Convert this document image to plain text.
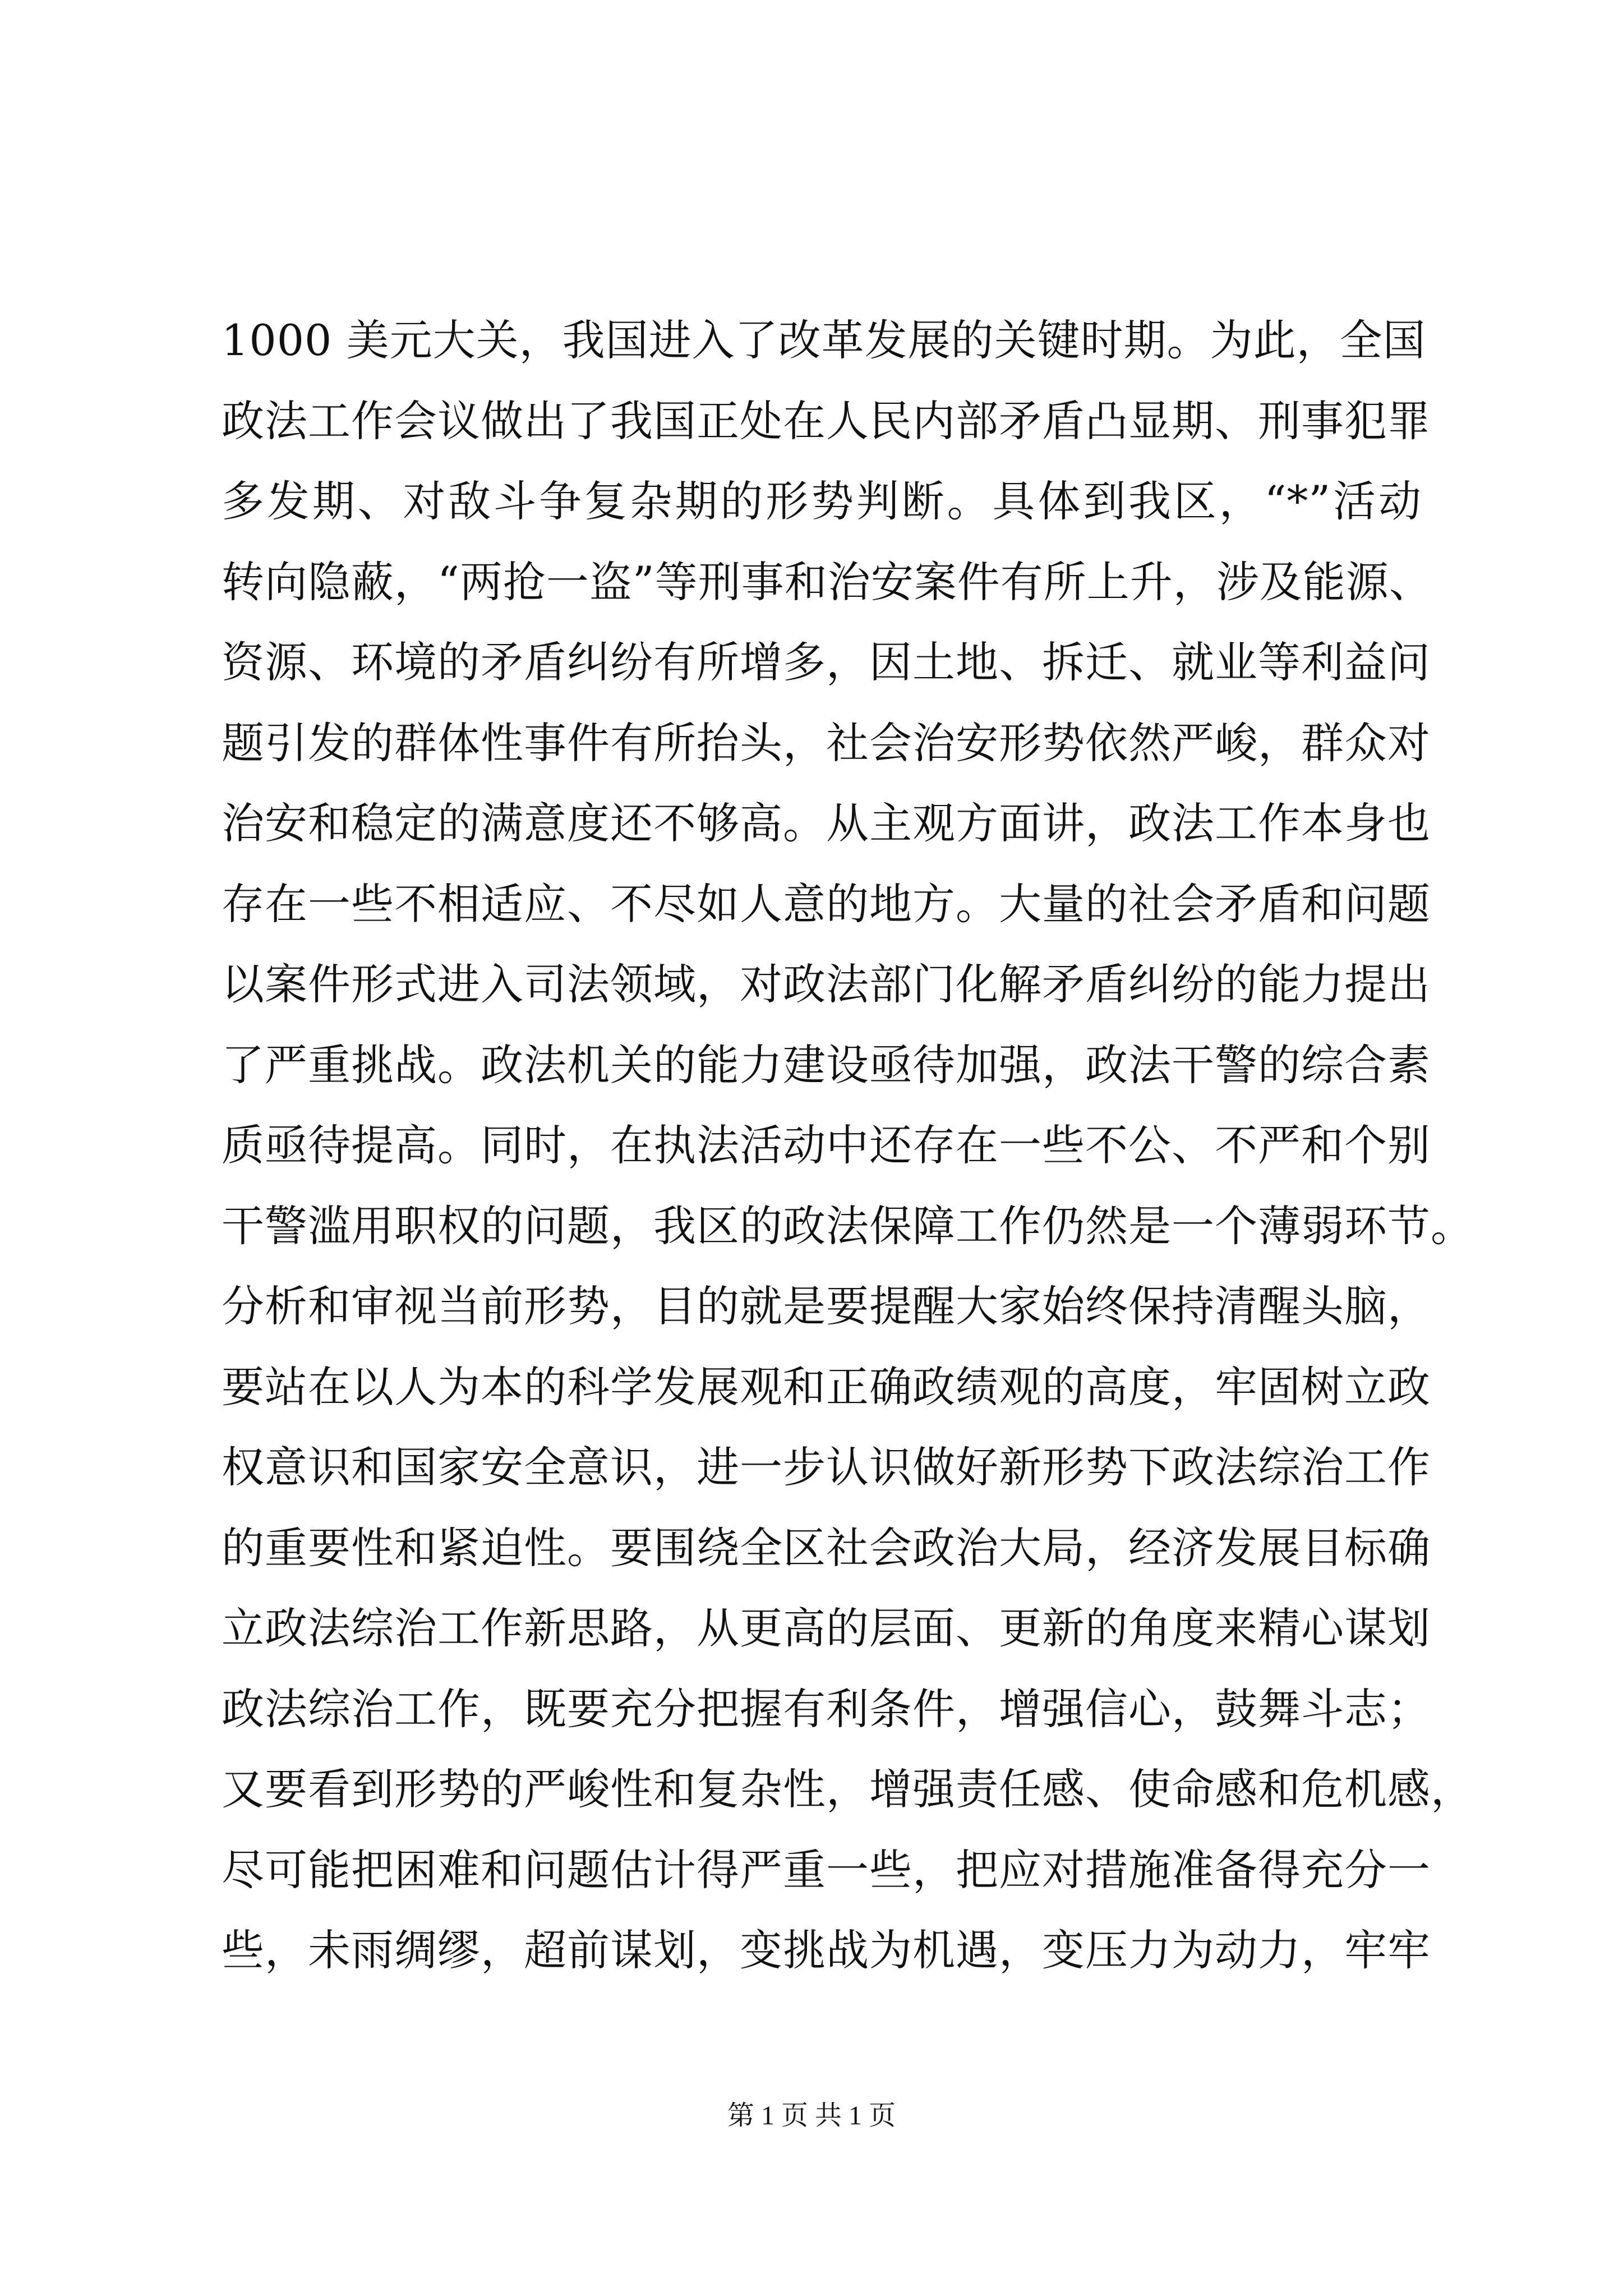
1000 美元大关，我国进入了改革发展的关键时期。为此，全国
政法工作会议做出了我国正处在人民内部矛盾凸显期、刑事犯罪
多发期、对敌斗争复杂期的形势判断。具体到我区，“*”活动
转向隐蔽，“两抢一盗”等刑事和治安案件有所上升，涉及能源、
资源、环境的矛盾纠纷有所增多，因土地、拆迁、就业等利益问
题引发的群体性事件有所抬头，社会治安形势依然严峻，群众对
治安和稳定的满意度还不够高。从主观方面讲，政法工作本身也
存在一些不相适应、不尽如人意的地方。大量的社会矛盾和问题
以案件形式进入司法领域，对政法部门化解矛盾纠纷的能力提出
了严重挑战。政法机关的能力建设亟待加强，政法干警的综合素
质亟待提高。同时，在执法活动中还存在一些不公、不严和个别
干警滥用职权的问题，我区的政法保障工作仍然是一个薄弱环节。
分析和审视当前形势，目的就是要提醒大家始终保持清醒头脑，
要站在以人为本的科学发展观和正确政绩观的高度，牢固树立政
权意识和国家安全意识，进一步认识做好新形势下政法综治工作
的重要性和紧迫性。要围绕全区社会政治大局，经济发展目标确
立政法综治工作新思路，从更高的层面、更新的角度来精心谋划
政法综治工作，既要充分把握有利条件，增强信心，鼓舞斗志；
又要看到形势的严峻性和复杂性，增强责任感、使命感和危机感，
尽可能把困难和问题估计得严重一些，把应对措施准备得充分一
些，未雨绸缪，超前谋划，变挑战为机遇，变压力为动力，牢牢
第 1 页 共 1 页
